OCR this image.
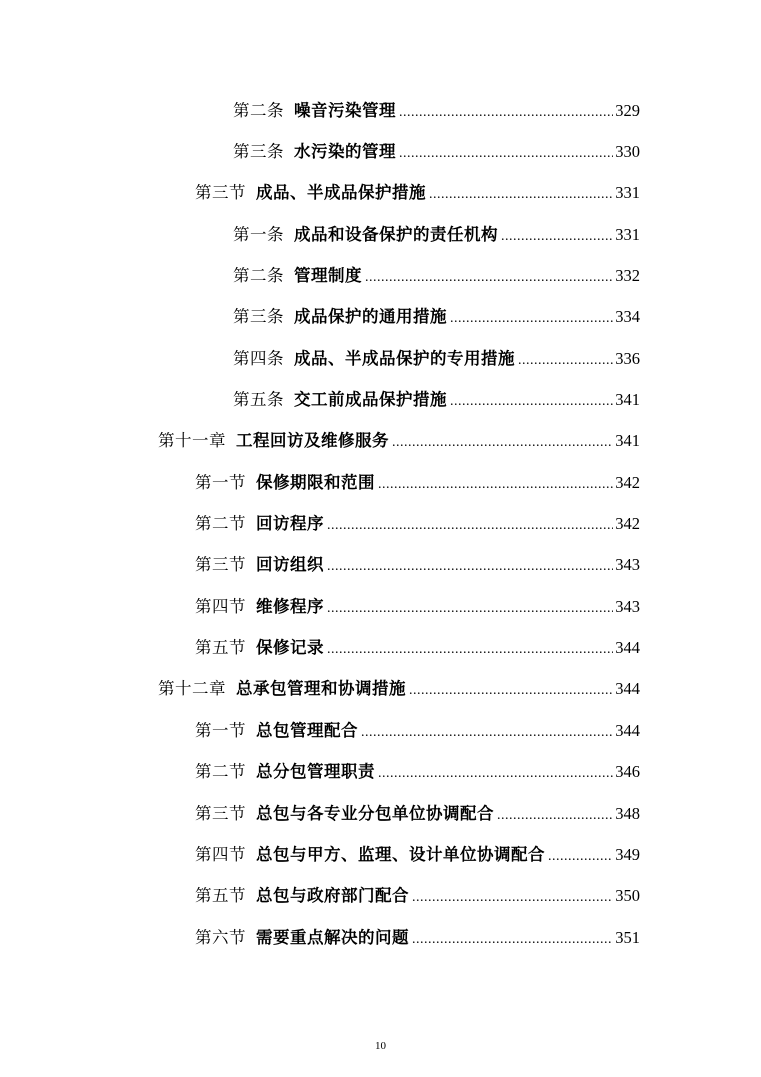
第二条 噪音污染管理 .....	329
第三条 水污染的管理 .....	330
第三节 成品、半成品保护措施 .....	331
第一条 成品和设备保护的责任机构 .....	331
第二条 管理制度 .....	332
第三条 成品保护的通用措施 .....	334
第四条 成品、半成品保护的专用措施 .....	336
第五条 交工前成品保护措施 .....	341
第十一章 工程回访及维修服务 .....	341
第一节 保修期限和范围 .....	342
第二节 回访程序 .....	342
第三节 回访组织 .....	343
第四节 维修程序 .....	343
第五节 保修记录 .....	344
第十二章 总承包管理和协调措施 .....	344
第一节 总包管理配合 .....	344
第二节 总分包管理职责 .....	346
第三节 总包与各专业分包单位协调配合 .....	348
第四节 总包与甲方、监理、设计单位协调配合 .....	349
第五节 总包与政府部门配合 .....	350
第六节 需要重点解决的问题 .....	351
10
